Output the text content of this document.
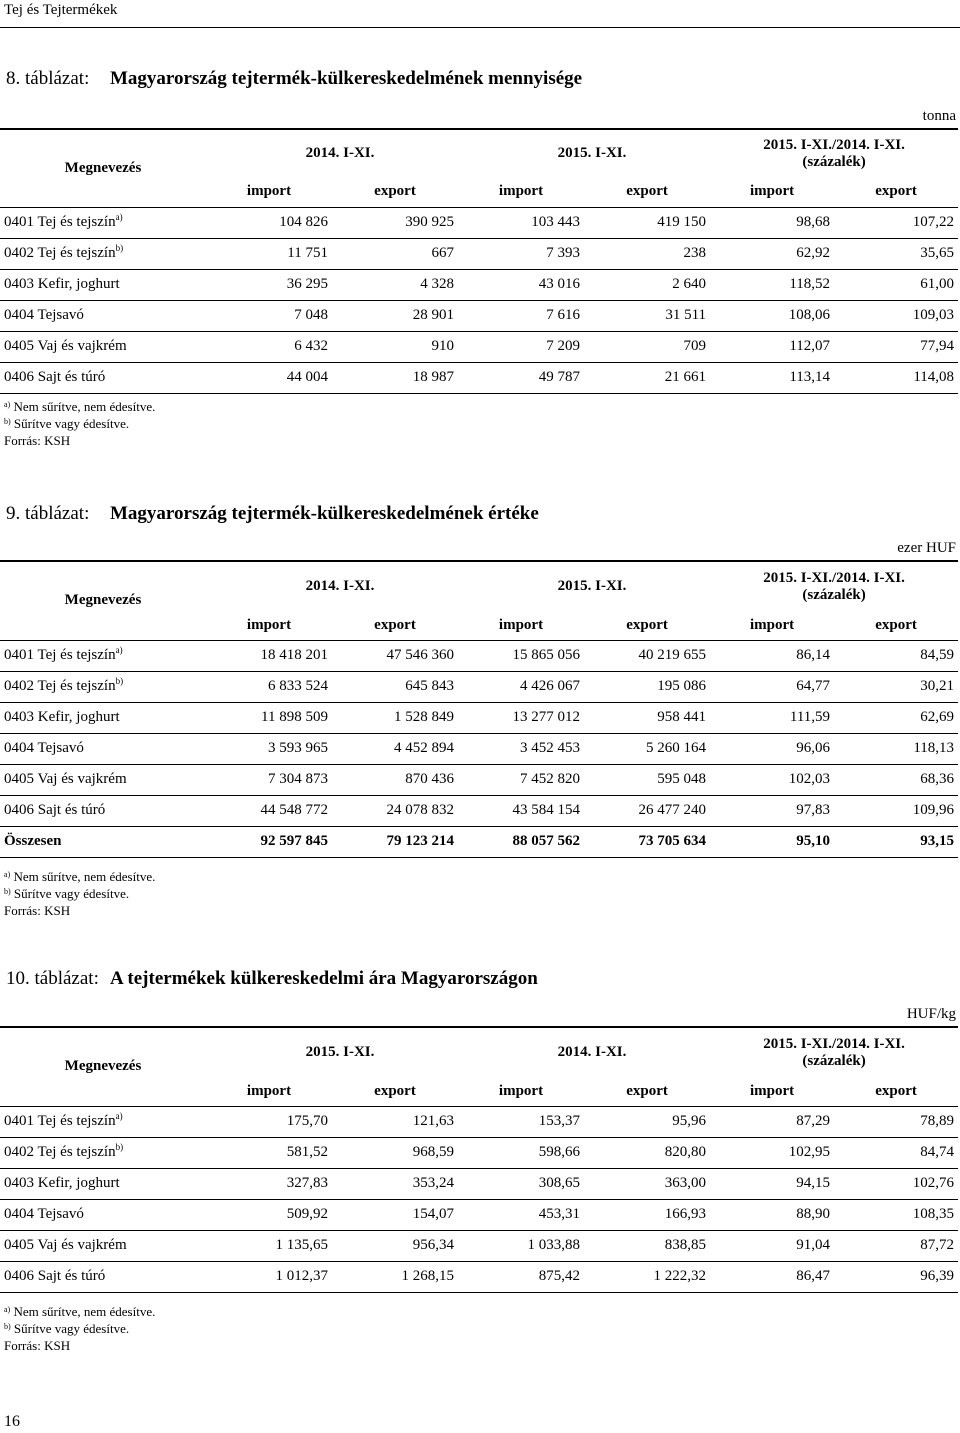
Tej és Tejtermékek
8. táblázat: Magyarország tejtermék-külkereskedelmének mennyisége
tonna
Megnevezés	2014. I-XI.		2015. I-XI.		2015. I-XI./2014. I-XI.
(százalék)	

	import	export	import	export	import	export
0401 Tej és tejszín$^{a)}$	104 826	390 925	103 443	419 150	98,68	107,22
0402 Tej és tejszín$^{b)}$	11 751	667	7 393	238	62,92	35,65
0403 Kefir, joghurt	36 295	4 328	43 016	2 640	118,52	61,00
0404 Tejsavó	7 048	28 901	7 616	31 511	108,06	109,03
0405 Vaj és vajkrém	6 432	910	7 209	709	112,07	77,94
0406 Sajt és túró	44 004	18 987	49 787	21 661	113,14	114,08
$^{a)}$ Nem sűrítve, nem édesítve.
$^{b)}$ Sűrítve vagy édesítve.
Forrás: KSH
9. táblázat: Magyarország tejtermék-külkereskedelmének értéke
ezer HUF
Megnevezés	2014. I-XI.		2015. I-XI.		2015. I-XI./2014. I-XI.
(százalék)	

	import	export	import	export	import	export
0401 Tej és tejszín$^{a)}$	18 418 201	47 546 360	15 865 056	40 219 655	86,14	84,59
0402 Tej és tejszín$^{b)}$	6 833 524	645 843	4 426 067	195 086	64,77	30,21
0403 Kefir, joghurt	11 898 509	1 528 849	13 277 012	958 441	111,59	62,69
0404 Tejsavó	3 593 965	4 452 894	3 452 453	5 260 164	96,06	118,13
0405 Vaj és vajkrém	7 304 873	870 436	7 452 820	595 048	102,03	68,36
0406 Sajt és túró	44 548 772	24 078 832	43 584 154	26 477 240	97,83	109,96
Összesen	92 597 845	79 123 214	88 057 562	73 705 634	95,10	93,15
$^{a)}$ Nem sűrítve, nem édesítve.
$^{b)}$ Sűrítve vagy édesítve.
Forrás: KSH
10. táblázat: A tejtermékek külkereskedelmi ára Magyarországon
HUF/kg
Megnevezés	2015. I-XI.		2014. I-XI.		2015. I-XI./2014. I-XI.
(százalék)	

	import	export	import	export	import	export
0401 Tej és tejszín$^{a)}$	175,70	121,63	153,37	95,96	87,29	78,89
0402 Tej és tejszín$^{b)}$	581,52	968,59	598,66	820,80	102,95	84,74
0403 Kefir, joghurt	327,83	353,24	308,65	363,00	94,15	102,76
0404 Tejsavó	509,92	154,07	453,31	166,93	88,90	108,35
0405 Vaj és vajkrém	1 135,65	956,34	1 033,88	838,85	91,04	87,72
0406 Sajt és túró	1 012,37	1 268,15	875,42	1 222,32	86,47	96,39
$^{a)}$ Nem sűrítve, nem édesítve.
$^{b)}$ Sűrítve vagy édesítve.
Forrás: KSH
16
